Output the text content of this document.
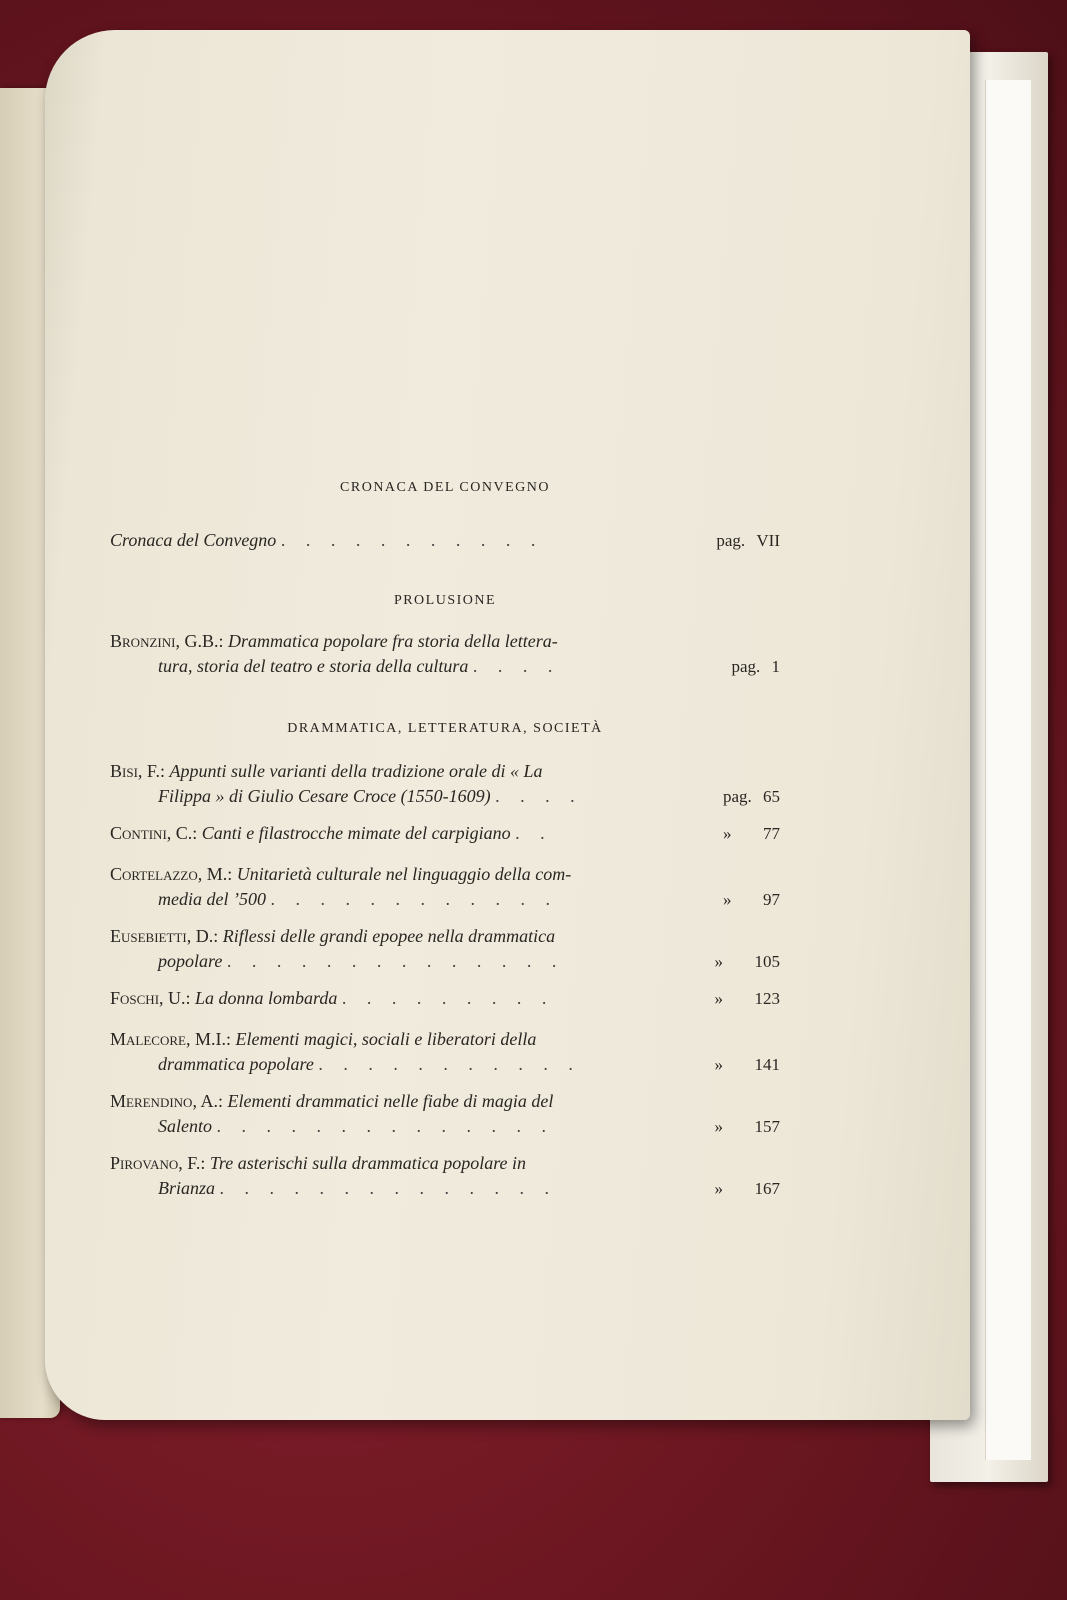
CRONACA DEL CONVEGNO
Cronaca del Convegno . . . . . . . . . . .	pag. VII
PROLUSIONE
Bronzini, G.B.: Drammatica popolare fra storia della lettera-
tura, storia del teatro e storia della cultura . . . .	pag. 1
DRAMMATICA, LETTERATURA, SOCIETÀ
Bisi, F.: Appunti sulle varianti della tradizione orale di « La
Filippa » di Giulio Cesare Croce (1550-1609) . . . .	pag. 65
Contini, C.: Canti e filastrocche mimate del carpigiano . .	» 77
Cortelazzo, M.: Unitarietà culturale nel linguaggio della com-
media del ’500 . . . . . . . . . . . .	» 97
Eusebietti, D.: Riflessi delle grandi epopee nella drammatica
popolare . . . . . . . . . . . . . .	» 105
Foschi, U.: La donna lombarda . . . . . . . . .	» 123
Malecore, M.I.: Elementi magici, sociali e liberatori della
drammatica popolare . . . . . . . . . . .	» 141
Merendino, A.: Elementi drammatici nelle fiabe di magia del
Salento . . . . . . . . . . . . . .	» 157
Pirovano, F.: Tre asterischi sulla drammatica popolare in
Brianza . . . . . . . . . . . . . .	» 167
